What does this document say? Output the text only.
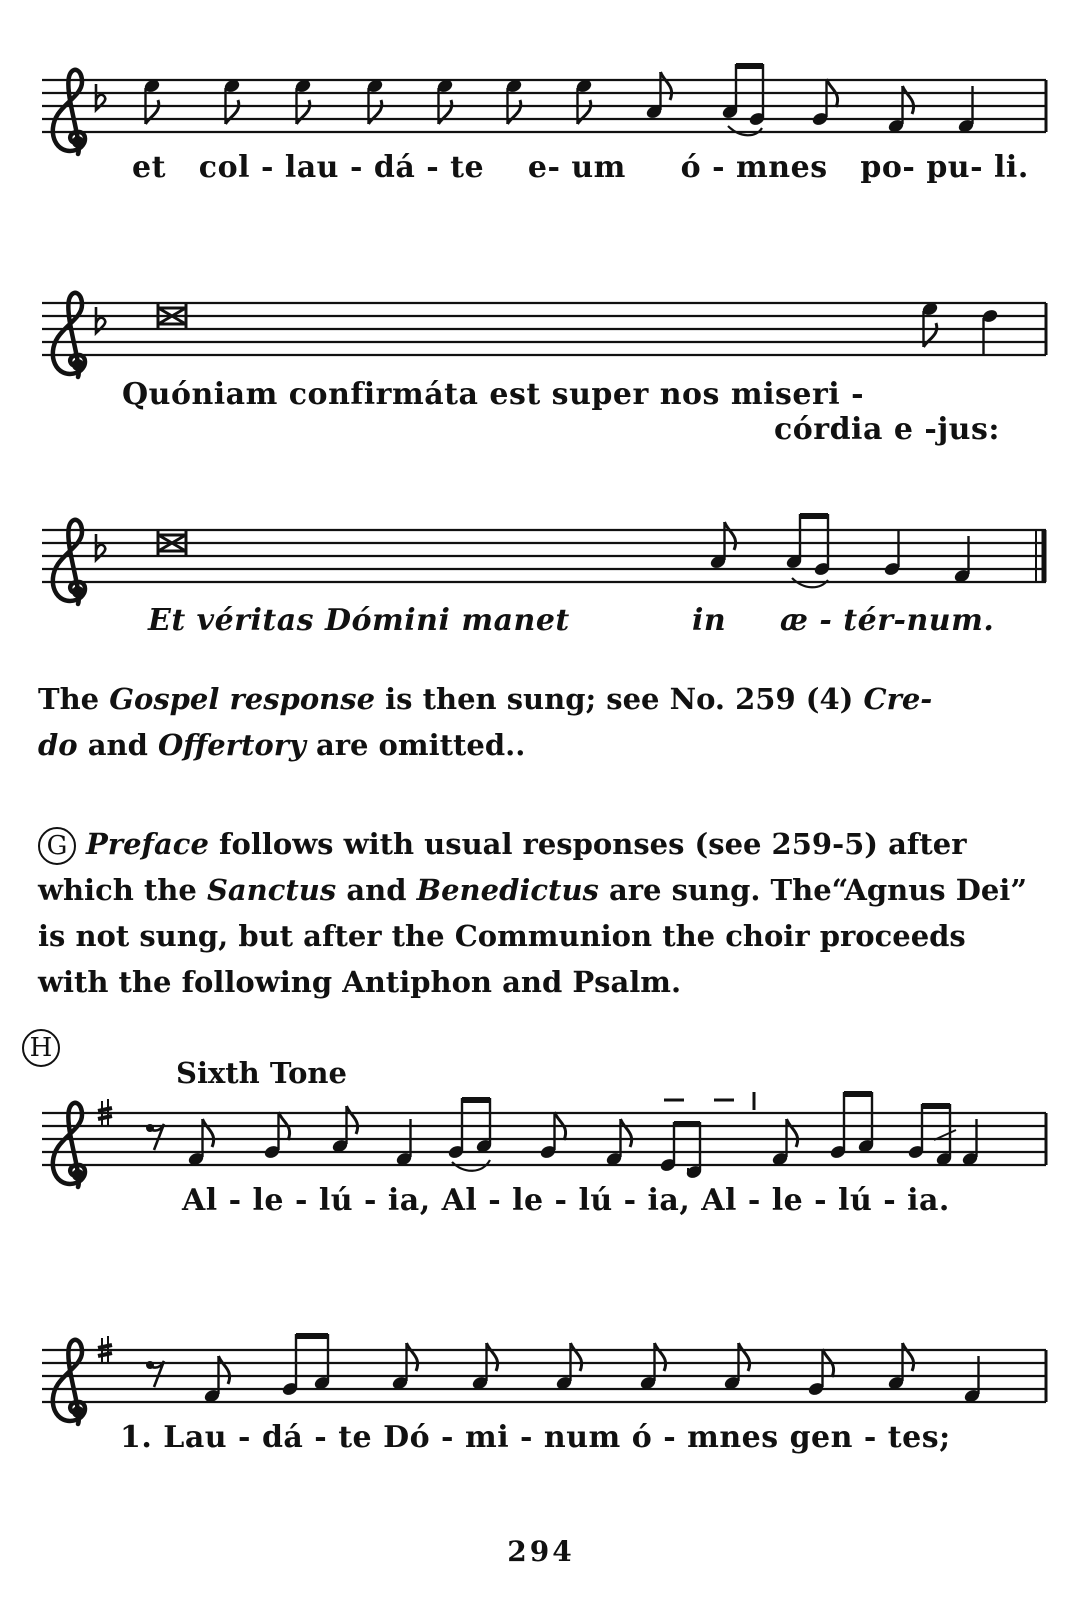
et col - lau - dá - te e- um ó - mnes po- pu- li.
Quóniam confirmáta est super nos miseri -
córdia e -jus:
Et véritas Dómini manet	in æ - tér-num.
The Gospel response is then sung; see No. 259 (4) Cre-
do and Offertory are omitted..
G Preface follows with usual responses (see 259-5) after
which the Sanctus and Benedictus are sung. The“Agnus Dei”
is not sung, but after the Communion the choir proceeds
with the following Antiphon and Psalm.
H
Sixth Tone
Al - le - lú - ia, Al - le - lú - ia, Al - le - lú - ia.
1. Lau - dá - te Dó - mi - num ó - mnes gen - tes;
294
